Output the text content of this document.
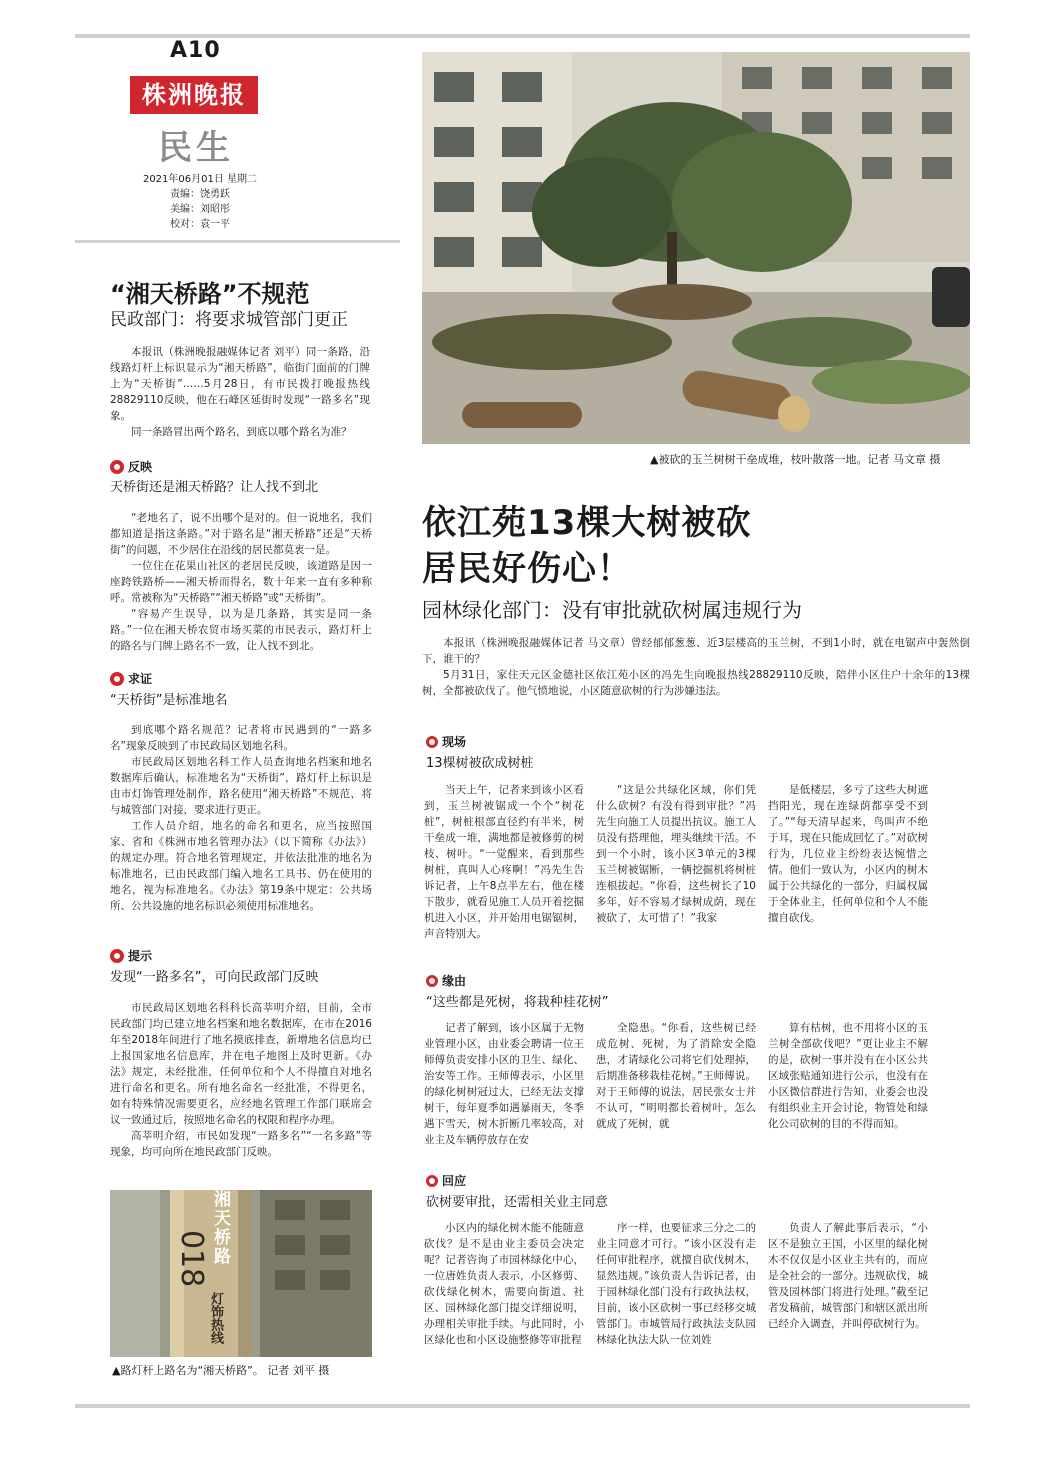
A10
株洲晚报
民生
2021年06月01日 星期二
责编：饶勇跃
美编：刘昭彤
校对：袁一平
“湘天桥路”不规范
民政部门：将要求城管部门更正

本报讯（株洲晚报融媒体记者 刘平）同一条路，沿线路灯杆上标识显示为“湘天桥路”，临街门面前的门牌上为“天桥街”……5月28日，有市民拨打晚报热线28829110反映，他在石峰区延街时发现“一路多名”现象。

同一条路冒出两个路名，到底以哪个路名为准？

反映
天桥街还是湘天桥路？让人找不到北

“老地名了，说不出哪个是对的。但一说地名，我们都知道是指这条路。”对于路名是“湘天桥路”还是“天桥街”的问题，不少居住在沿线的居民都莫衷一是。

一位住在花果山社区的老居民反映，该道路是因一座跨铁路桥——湘天桥而得名，数十年来一直有多种称呼。常被称为“天桥路”“湘天桥路”或“天桥街”。

“容易产生误导，以为是几条路，其实是同一条路。”一位在湘天桥农贸市场买菜的市民表示，路灯杆上的路名与门牌上路名不一致，让人找不到北。

求证
“天桥街”是标准地名

到底哪个路名规范？记者将市民遇到的“一路多名”现象反映到了市民政局区划地名科。

市民政局区划地名科工作人员查询地名档案和地名数据库后确认，标准地名为“天桥街”，路灯杆上标识是由市灯饰管理处制作，路名使用“湘天桥路”不规范，将与城管部门对接，要求进行更正。

工作人员介绍，地名的命名和更名，应当按照国家、省和《株洲市地名管理办法》（以下简称《办法》）的规定办理。符合地名管理规定，并依法批准的地名为标准地名，已由民政部门编入地名工具书、仍在使用的地名，视为标准地名。《办法》第19条中规定：公共场所、公共设施的地名标识必须使用标准地名。

提示
发现“一路多名”，可向民政部门反映

市民政局区划地名科科长高莘明介绍，目前，全市民政部门均已建立地名档案和地名数据库，在市在2016年至2018年间进行了地名摸底排查，新增地名信息均已上报国家地名信息库，并在电子地图上及时更新。《办法》规定，未经批准，任何单位和个人不得擅自对地名进行命名和更名。所有地名命名一经批准，不得更名，如有特殊情况需要更名，应经地名管理工作部门联席会议一致通过后，按照地名命名的权限和程序办理。

高莘明介绍，市民如发现“一路多名”“一名多路”等现象，均可向所在地民政部门反映。

湘天桥路
018
灯饰热线
▲路灯杆上路名为“湘天桥路”。 记者 刘平 摄
▲被砍的玉兰树树干垒成堆，枝叶散落一地。记者 马文章 摄
依江苑13棵大树被砍
居民好伤心！
园林绿化部门：没有审批就砍树属违规行为

本报讯（株洲晚报融媒体记者 马文章）曾经郁郁葱葱、近3层楼高的玉兰树，不到1小时，就在电锯声中轰然倒下，谁干的？

5月31日，家住天元区金德社区依江苑小区的冯先生向晚报热线28829110反映，陪伴小区住户十余年的13棵树，全都被砍伐了。他气愤地说，小区随意砍树的行为涉嫌违法。

现场
13棵树被砍成树桩

当天上午，记者来到该小区看到，玉兰树被锯成一个个“树花桩”，树桩根部直径约有半米，树干垒成一堆，满地都是被修剪的树枝、树叶。“一觉醒来，看到那些树桩，真叫人心疼啊！”冯先生告诉记者，上午8点半左右，他在楼下散步，就看见施工人员开着挖掘机进入小区，并开始用电锯锯树，声音特别大。

“这是公共绿化区域，你们凭什么砍树？有没有得到审批？”冯先生向施工人员提出抗议。施工人员没有搭理他，埋头继续干活。不到一个小时，该小区3单元的3棵玉兰树被锯断，一辆挖掘机将树桩连根拔起。“你看，这些树长了10多年，好不容易才绿树成荫，现在被砍了，太可惜了！”我家

是低楼层，多亏了这些大树遮挡阳光，现在连绿荫都享受不到了。”“每天清早起来，鸟叫声不绝于耳，现在只能成回忆了。”对砍树行为，几位业主纷纷表达惋惜之情。他们一致认为，小区内的树木属于公共绿化的一部分，归属权属于全体业主，任何单位和个人不能擅自砍伐。

缘由
“这些都是死树，将栽种桂花树”

记者了解到，该小区属于无物业管理小区，由业委会聘请一位王师傅负责安排小区的卫生、绿化、治安等工作。王师傅表示，小区里的绿化树树冠过大，已经无法支撑树干，每年夏季如遇暴雨天，冬季遇下雪天，树木折断几率较高，对业主及车辆停放存在安

全隐患。“你看，这些树已经成危树、死树，为了消除安全隐患，才请绿化公司将它们处理掉，后期准备移栽桂花树。”王师傅说。对于王师傅的说法，居民张女士并不认可，“明明都长着树叶，怎么就成了死树，就

算有枯树，也不用将小区的玉兰树全部砍伐吧？”更让业主不解的是，砍树一事并没有在小区公共区域张贴通知进行公示，也没有在小区微信群进行告知，业委会也没有组织业主开会讨论，物管处和绿化公司砍树的目的不得而知。

回应
砍树要审批，还需相关业主同意

小区内的绿化树木能不能随意砍伐？是不是由业主委员会决定呢？记者咨询了市园林绿化中心，一位唐姓负责人表示，小区修剪、砍伐绿化树木，需要向街道、社区、园林绿化部门提交详细说明，办理相关审批手续。与此同时，小区绿化也和小区设施整修等审批程

序一样，也要征求三分之二的业主同意才可行。“该小区没有走任何审批程序，就擅自砍伐树木，显然违规。”该负责人告诉记者，由于园林绿化部门没有行政执法权，目前，该小区砍树一事已经移交城管部门。市城管局行政执法支队园林绿化执法大队一位刘姓

负责人了解此事后表示，“小区不是独立王国，小区里的绿化树木不仅仅是小区业主共有的，而应是全社会的一部分。违规砍伐，城管及园林部门将进行处理。”截至记者发稿前，城管部门和辖区派出所已经介入调查，并叫停砍树行为。
